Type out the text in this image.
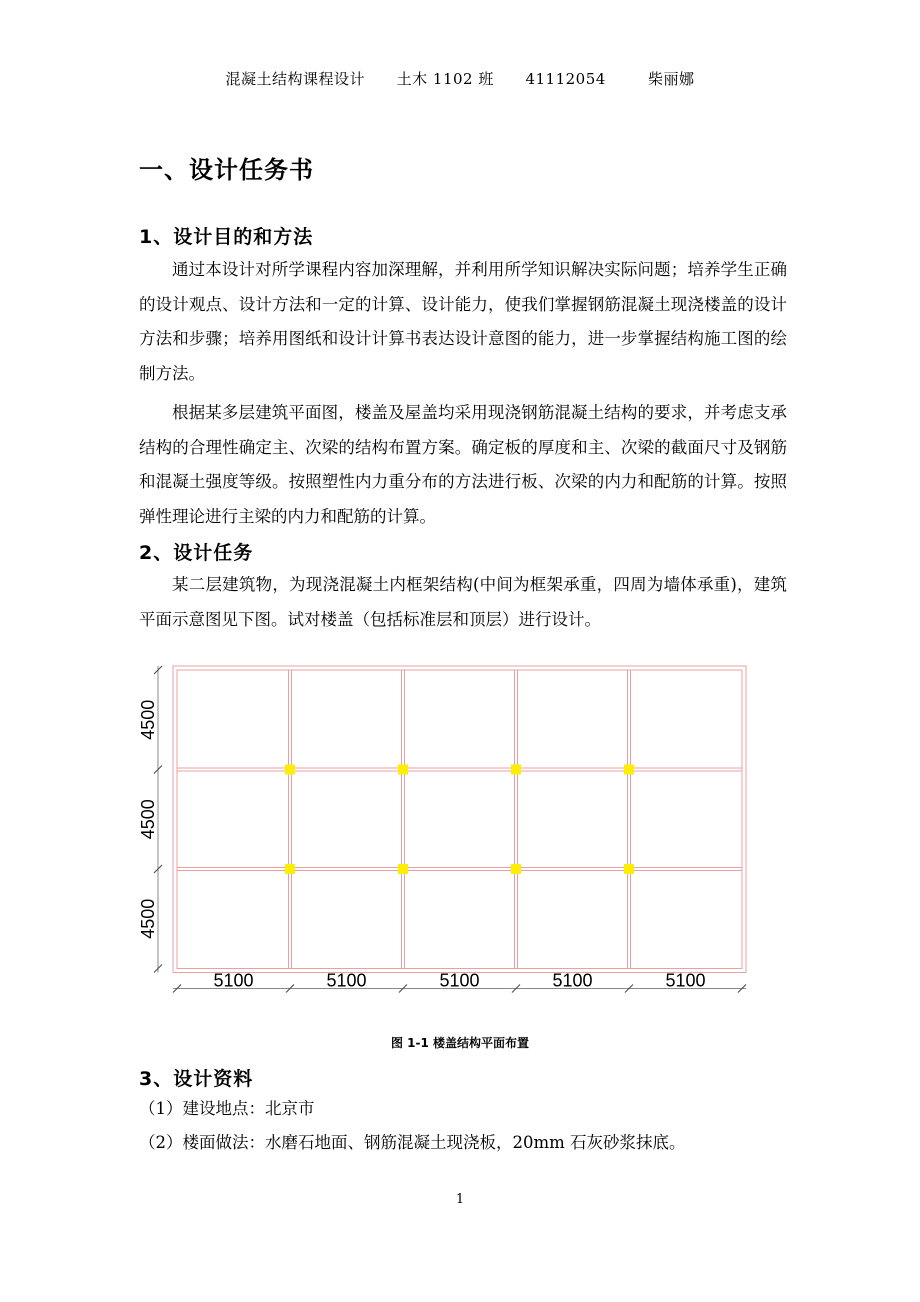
混凝土结构课程设计      土木 1102 班      41112054        柴丽娜
一、设计任务书
1、设计目的和方法

通过本设计对所学课程内容加深理解，并利用所学知识解决实际问题；培养学生正确的设计观点、设计方法和一定的计算、设计能力，使我们掌握钢筋混凝土现浇楼盖的设计方法和步骤；培养用图纸和设计计算书表达设计意图的能力，进一步掌握结构施工图的绘制方法。

根据某多层建筑平面图，楼盖及屋盖均采用现浇钢筋混凝土结构的要求，并考虑支承结构的合理性确定主、次梁的结构布置方案。确定板的厚度和主、次梁的截面尺寸及钢筋和混凝土强度等级。按照塑性内力重分布的方法进行板、次梁的内力和配筋的计算。按照弹性理论进行主梁的内力和配筋的计算。

2、设计任务

某二层建筑物，为现浇混凝土内框架结构(中间为框架承重，四周为墙体承重)，建筑平面示意图见下图。试对楼盖（包括标准层和顶层）进行设计。

4500
4500
4500
5100	5100	5100	5100	5100
图 1-1 楼盖结构平面布置
3、设计资料

（1）建设地点：北京市

（2）楼面做法：水磨石地面、钢筋混凝土现浇板，20mm 石灰砂浆抹底。

1
